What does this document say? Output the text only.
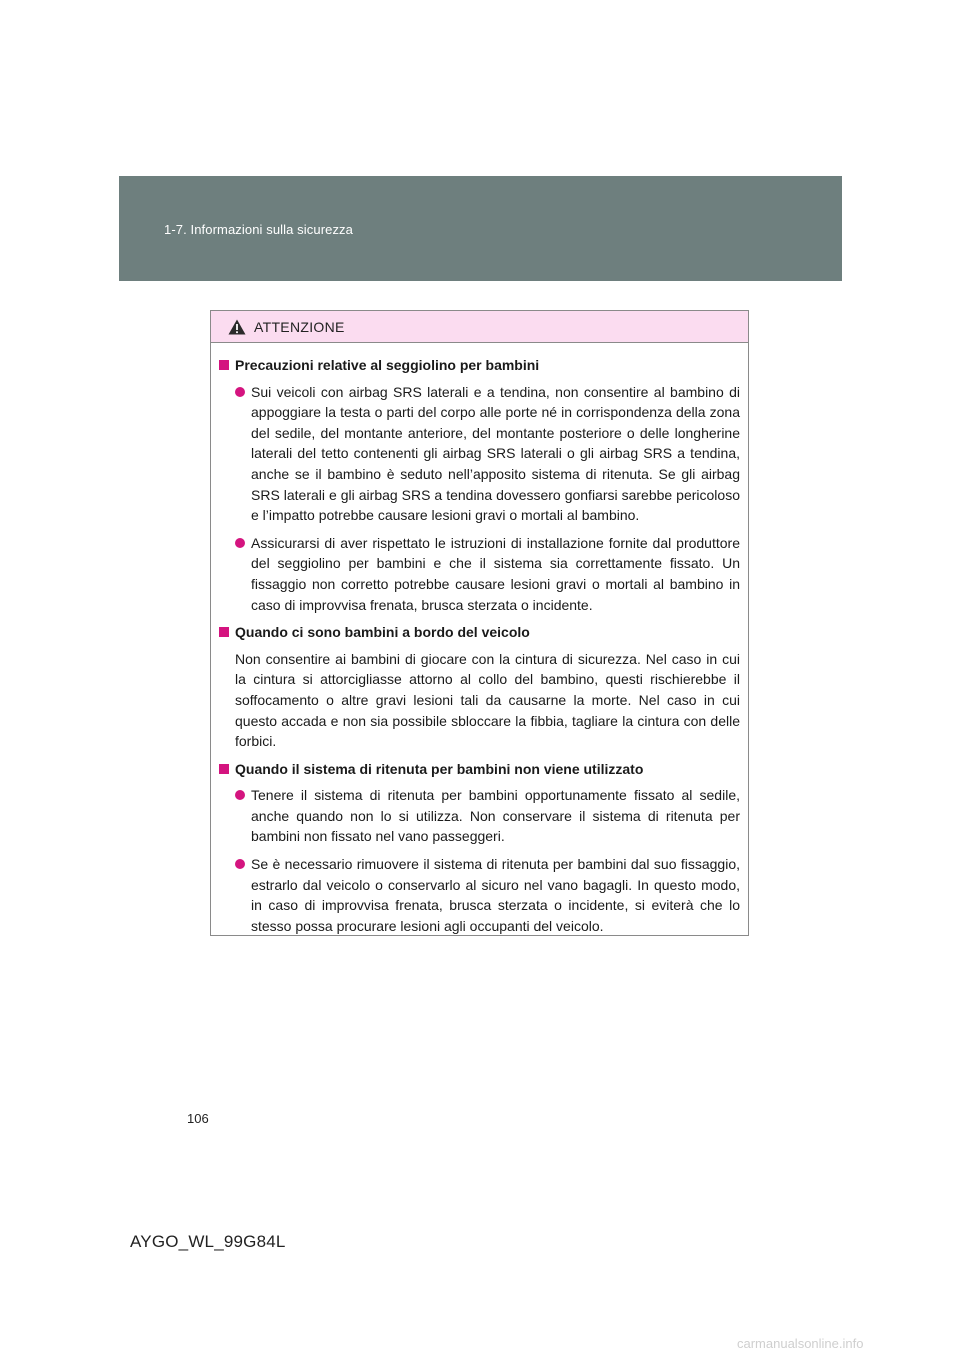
1-7. Informazioni sulla sicurezza
ATTENZIONE
Precauzioni relative al seggiolino per bambini
Sui veicoli con airbag SRS laterali e a tendina, non consentire al bambino di appoggiare la testa o parti del corpo alle porte né in corrispondenza della zona del sedile, del montante anteriore, del montante posteriore o delle longherine laterali del tetto contenenti gli airbag SRS laterali o gli airbag SRS a tendina, anche se il bambino è seduto nell’apposito sistema di ritenuta. Se gli airbag SRS laterali e gli airbag SRS a tendina dovessero gonfiarsi sarebbe pericoloso e l’impatto potrebbe causare lesioni gravi o mortali al bambino.
Assicurarsi di aver rispettato le istruzioni di installazione fornite dal produttore del seggiolino per bambini e che il sistema sia correttamente fissato. Un fissaggio non corretto potrebbe causare lesioni gravi o mortali al bambino in caso di improvvisa frenata, brusca sterzata o incidente.
Quando ci sono bambini a bordo del veicolo

Non consentire ai bambini di giocare con la cintura di sicurezza. Nel caso in cui la cintura si attorcigliasse attorno al collo del bambino, questi rischierebbe il soffocamento o altre gravi lesioni tali da causarne la morte. Nel caso in cui questo accada e non sia possibile sbloccare la fibbia, tagliare la cintura con delle forbici.

Quando il sistema di ritenuta per bambini non viene utilizzato
Tenere il sistema di ritenuta per bambini opportunamente fissato al sedile, anche quando non lo si utilizza. Non conservare il sistema di ritenuta per bambini non fissato nel vano passeggeri.
Se è necessario rimuovere il sistema di ritenuta per bambini dal suo fissaggio, estrarlo dal veicolo o conservarlo al sicuro nel vano bagagli. In questo modo, in caso di improvvisa frenata, brusca sterzata o incidente, si eviterà che lo stesso possa procurare lesioni agli occupanti del veicolo.
106
AYGO_WL_99G84L
carmanualsonline.info
